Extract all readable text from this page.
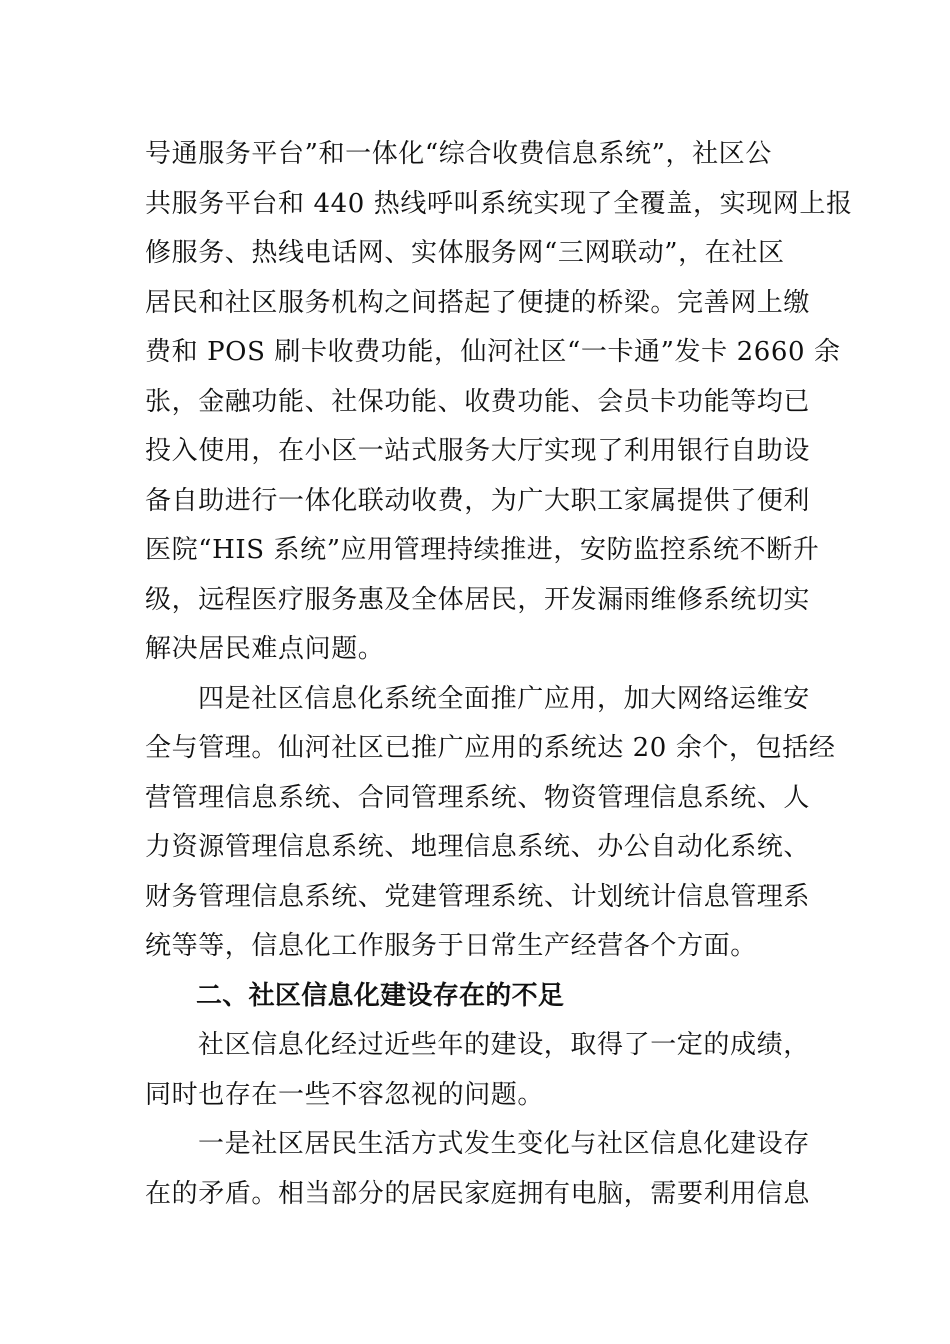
号通服务平台”和一体化“综合收费信息系统”，社区公
共服务平台和 440 热线呼叫系统实现了全覆盖，实现网上报
修服务、热线电话网、实体服务网“三网联动”，在社区
居民和社区服务机构之间搭起了便捷的桥梁。完善网上缴
费和 POS 刷卡收费功能，仙河社区“一卡通”发卡 2660 余
张，金融功能、社保功能、收费功能、会员卡功能等均已
投入使用，在小区一站式服务大厅实现了利用银行自助设
备自助进行一体化联动收费，为广大职工家属提供了便利
医院“HIS 系统”应用管理持续推进，安防监控系统不断升
级，远程医疗服务惠及全体居民，开发漏雨维修系统切实
解决居民难点问题。
四是社区信息化系统全面推广应用，加大网络运维安
全与管理。仙河社区已推广应用的系统达 20 余个，包括经
营管理信息系统、合同管理系统、物资管理信息系统、人
力资源管理信息系统、地理信息系统、办公自动化系统、
财务管理信息系统、党建管理系统、计划统计信息管理系
统等等，信息化工作服务于日常生产经营各个方面。
二、社区信息化建设存在的不足
社区信息化经过近些年的建设，取得了一定的成绩，
同时也存在一些不容忽视的问题。
一是社区居民生活方式发生变化与社区信息化建设存
在的矛盾。相当部分的居民家庭拥有电脑，需要利用信息
